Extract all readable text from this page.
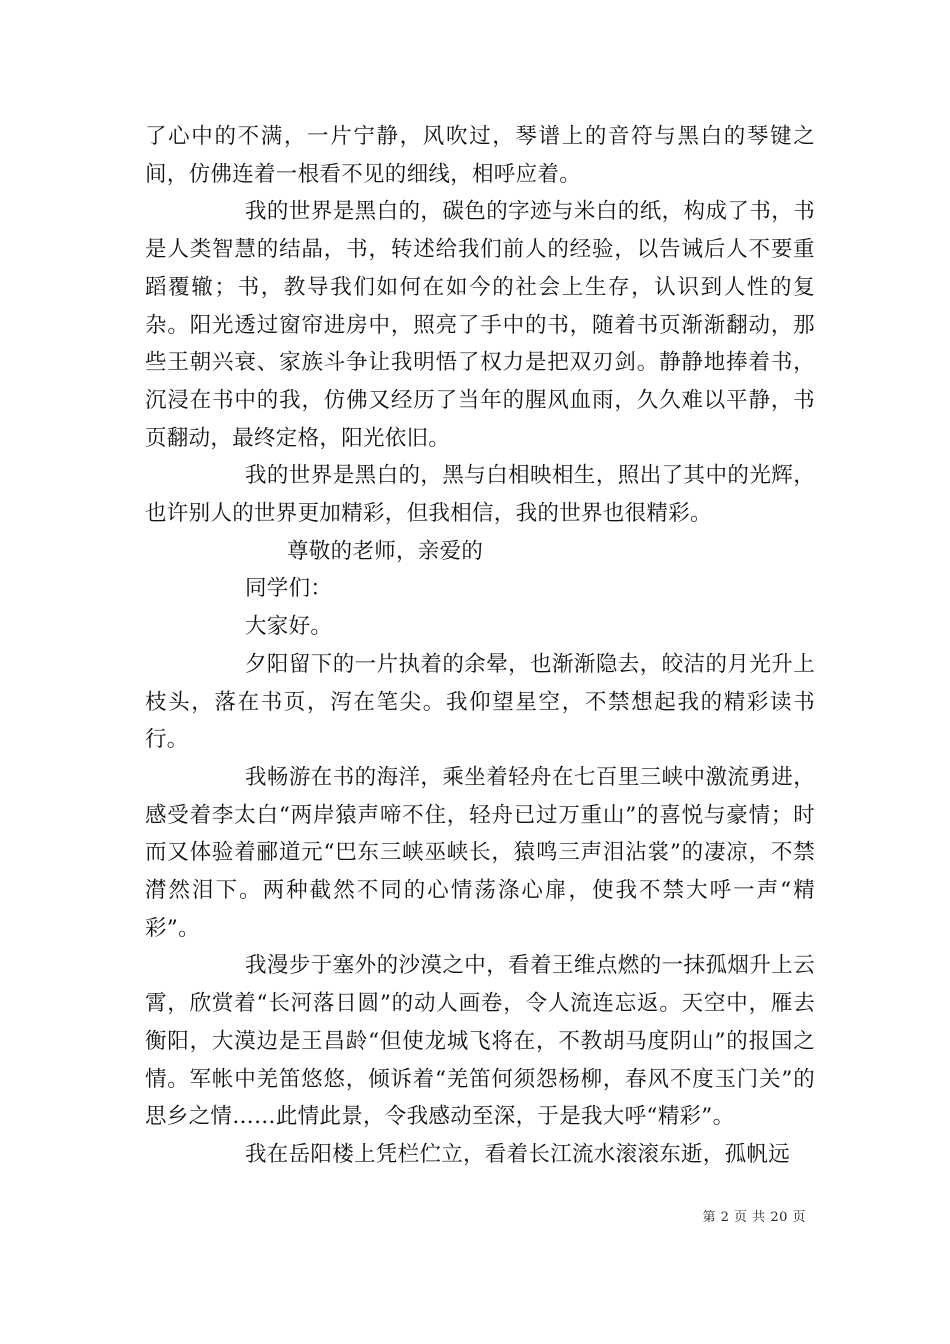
了心中的不满，一片宁静，风吹过，琴谱上的音符与黑白的琴键之间，仿佛连着一根看不见的细线，相呼应着。

我的世界是黑白的，碳色的字迹与米白的纸，构成了书，书是人类智慧的结晶，书，转述给我们前人的经验，以告诫后人不要重蹈覆辙；书，教导我们如何在如今的社会上生存，认识到人性的复杂。阳光透过窗帘进房中，照亮了手中的书，随着书页渐渐翻动，那些王朝兴衰、家族斗争让我明悟了权力是把双刃剑。静静地捧着书，沉浸在书中的我，仿佛又经历了当年的腥风血雨，久久难以平静，书页翻动，最终定格，阳光依旧。

我的世界是黑白的，黑与白相映相生，照出了其中的光辉，也许别人的世界更加精彩，但我相信，我的世界也很精彩。

尊敬的老师，亲爱的

同学们：

大家好。

夕阳留下的一片执着的余晕，也渐渐隐去，皎洁的月光升上枝头，落在书页，泻在笔尖。我仰望星空，不禁想起我的精彩读书行。

我畅游在书的海洋，乘坐着轻舟在七百里三峡中激流勇进，感受着李太白“两岸猿声啼不住，轻舟已过万重山”的喜悦与豪情；时而又体验着郦道元“巴东三峡巫峡长，猿鸣三声泪沾裳”的凄凉，不禁潸然泪下。两种截然不同的心情荡涤心扉，使我不禁大呼一声“精彩”。

我漫步于塞外的沙漠之中，看着王维点燃的一抹孤烟升上云霄，欣赏着“长河落日圆”的动人画卷，令人流连忘返。天空中，雁去衡阳，大漠边是王昌龄“但使龙城飞将在，不教胡马度阴山”的报国之情。军帐中羌笛悠悠，倾诉着“羌笛何须怨杨柳，春风不度玉门关”的思乡之情……此情此景，令我感动至深，于是我大呼“精彩”。

我在岳阳楼上凭栏伫立，看着长江流水滚滚东逝，孤帆远

第 2 页 共 20 页
